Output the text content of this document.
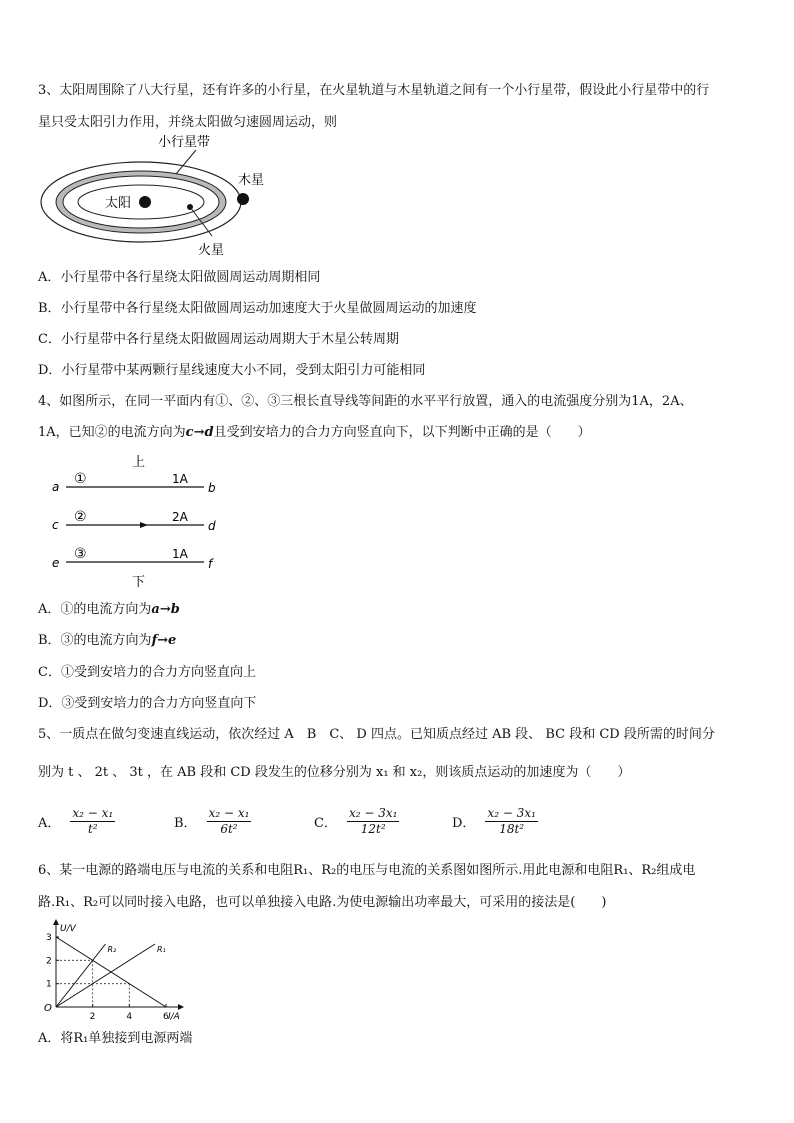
3、太阳周围除了八大行星，还有许多的小行星，在火星轨道与木星轨道之间有一个小行星带，假设此小行星带中的行
星只受太阳引力作用，并绕太阳做匀速圆周运动，则
太阳
火星
木星
小行星带
A．小行星带中各行星绕太阳做圆周运动周期相同
B．小行星带中各行星绕太阳做圆周运动加速度大于火星做圆周运动的加速度
C．小行星带中各行星绕太阳做圆周运动周期大于木星公转周期
D．小行星带中某两颗行星线速度大小不同，受到太阳引力可能相同
4、如图所示，在同一平面内有①、②、③三根长直导线等间距的水平平行放置，通入的电流强度分别为1A，2A、
1A，已知②的电流方向为c→d且受到安培力的合力方向竖直向下，以下判断中正确的是（　　）
上
a ①	1A
b
c ②	2A
d
e
③	1A
f
下
A．①的电流方向为a→b
B．③的电流方向为f→e
C．①受到安培力的合力方向竖直向上
D．③受到安培力的合力方向竖直向下
5、一质点在做匀变速直线运动，依次经过 A　B　C、 D 四点。已知质点经过 AB 段、 BC 段和 CD 段所需的时间分
别为 t 、 2t 、 3t ，在 AB 段和 CD 段发生的位移分别为 x₁ 和 x₂，则该质点运动的加速度为（　　）
A． $\frac{\text{x₂ − x₁}}{\text{t²}}$	B． $\frac{\text{x₂ − x₁}}{\text{6t²}}$	C． $\frac{\text{x₂ − 3x₁}}{\text{12t²}}$	D． $\frac{\text{x₂ − 3x₁}}{\text{18t²}}$
6、某一电源的路端电压与电流的关系和电阻R₁、R₂的电压与电流的关系图如图所示.用此电源和电阻R₁、R₂组成电
路.R₁、R₂可以同时接入电路，也可以单独接入电路.为使电源输出功率最大，可采用的接法是(　　)
U/V
I/A
O
2	4	6
1
2
3
R₂	R₁
A．将R₁单独接到电源两端
